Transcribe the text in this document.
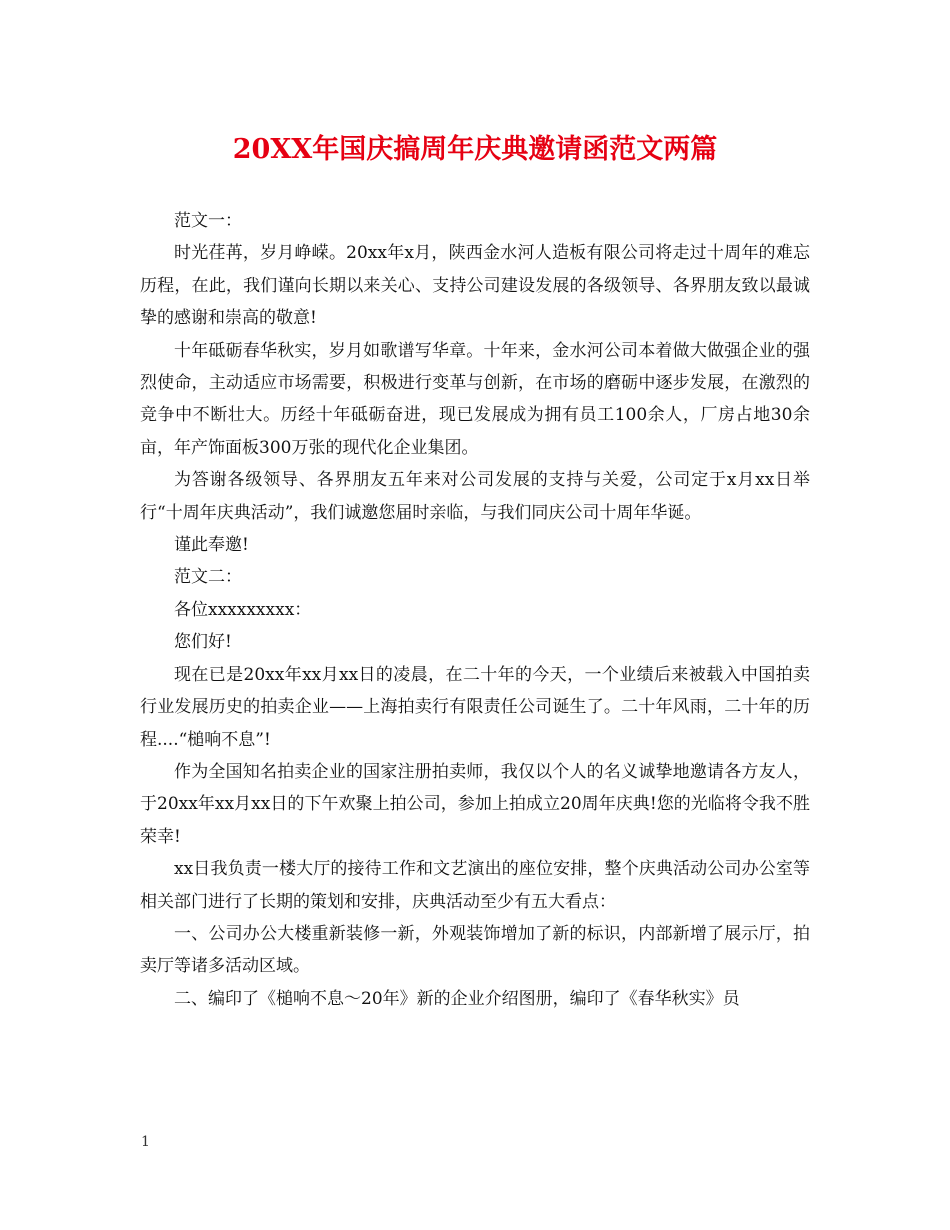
20XX年国庆搞周年庆典邀请函范文两篇

范文一：

时光荏苒，岁月峥嵘。20xx年x月，陕西金水河人造板有限公司将走过十周年的难忘历程，在此，我们谨向长期以来关心、支持公司建设发展的各级领导、各界朋友致以最诚挚的感谢和崇高的敬意!

十年砥砺春华秋实，岁月如歌谱写华章。十年来，金水河公司本着做大做强企业的强烈使命，主动适应市场需要，积极进行变革与创新，在市场的磨砺中逐步发展，在激烈的竞争中不断壮大。历经十年砥砺奋进，现已发展成为拥有员工100余人，厂房占地30余亩，年产饰面板300万张的现代化企业集团。

为答谢各级领导、各界朋友五年来对公司发展的支持与关爱，公司定于x月xx日举行“十周年庆典活动”，我们诚邀您届时亲临，与我们同庆公司十周年华诞。

谨此奉邀!

范文二：

各位xxxxxxxxx：

您们好!

现在已是20xx年xx月xx日的凌晨，在二十年的今天，一个业绩后来被载入中国拍卖行业发展历史的拍卖企业——上海拍卖行有限责任公司诞生了。二十年风雨，二十年的历程....“槌响不息”!

作为全国知名拍卖企业的国家注册拍卖师，我仅以个人的名义诚挚地邀请各方友人，于20xx年xx月xx日的下午欢聚上拍公司，参加上拍成立20周年庆典!您的光临将令我不胜荣幸!

xx日我负责一楼大厅的接待工作和文艺演出的座位安排，整个庆典活动公司办公室等相关部门进行了长期的策划和安排，庆典活动至少有五大看点：

一、公司办公大楼重新装修一新，外观装饰增加了新的标识，内部新增了展示厅，拍卖厅等诸多活动区域。

二、编印了《槌响不息～20年》新的企业介绍图册，编印了《春华秋实》员

1
